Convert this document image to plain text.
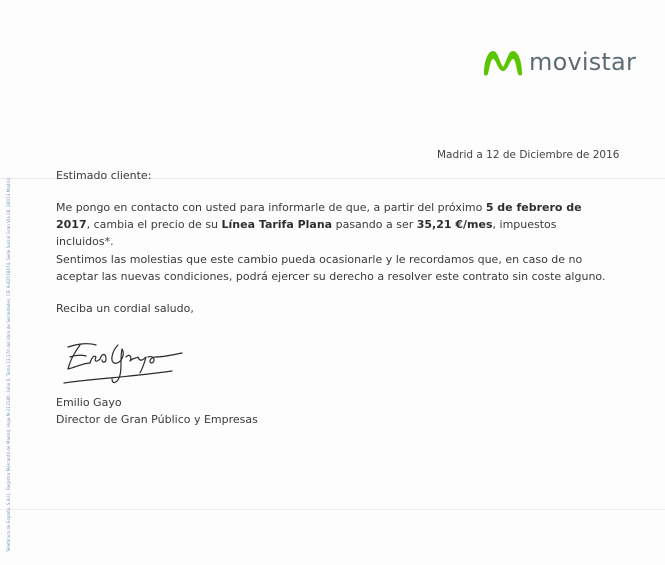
movistar
Madrid a 12 de Diciembre de 2016
Estimado cliente:
Me pongo en contacto con usted para informarle de que, a partir del próximo 5 de febrero de 2017, cambia el precio de su Línea Tarifa Plana pasando a ser 35,21 €/mes, impuestos incluidos*.
Sentimos las molestias que este cambio pueda ocasionarle y le recordamos que, en caso de no aceptar las nuevas condiciones, podrá ejercer su derecho a resolver este contrato sin coste alguno.
Reciba un cordial saludo,
Emilio Gayo
Director de Gran Público y Empresas
Telefónica de España, S.A.U., Registro Mercantil de Madrid, Hoja M-213180, Folio 6, Tomo 13.170 del libro de Sociedades, CIF A-82018474, Sede Social Gran Vía 28, 28013 Madrid
